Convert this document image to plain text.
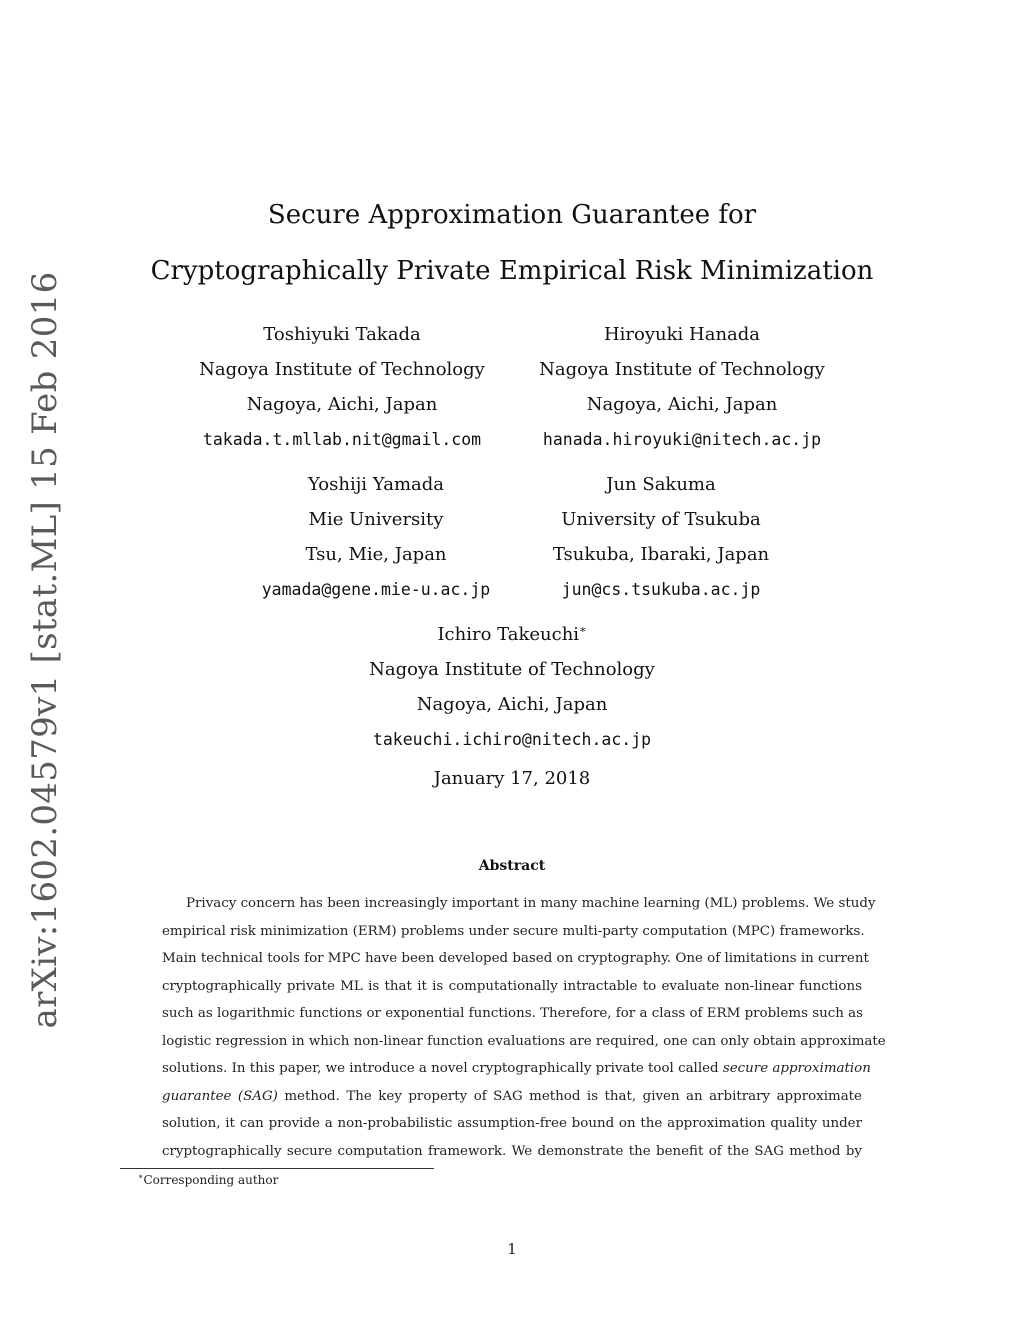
arXiv:1602.04579v1 [stat.ML] 15 Feb 2016
Secure Approximation Guarantee for
Cryptographically Private Empirical Risk Minimization
Toshiyuki Takada
Nagoya Institute of Technology
Nagoya, Aichi, Japan
takada.t.mllab.nit@gmail.com
Hiroyuki Hanada
Nagoya Institute of Technology
Nagoya, Aichi, Japan
hanada.hiroyuki@nitech.ac.jp
Yoshiji Yamada
Mie University
Tsu, Mie, Japan
yamada@gene.mie-u.ac.jp
Jun Sakuma
University of Tsukuba
Tsukuba, Ibaraki, Japan
jun@cs.tsukuba.ac.jp
Ichiro Takeuchi∗
Nagoya Institute of Technology
Nagoya, Aichi, Japan
takeuchi.ichiro@nitech.ac.jp
January 17, 2018
Abstract
Privacy concern has been increasingly important in many machine learning (ML) problems. We study
empirical risk minimization (ERM) problems under secure multi-party computation (MPC) frameworks.
Main technical tools for MPC have been developed based on cryptography. One of limitations in current
cryptographically private ML is that it is computationally intractable to evaluate non-linear functions
such as logarithmic functions or exponential functions. Therefore, for a class of ERM problems such as
logistic regression in which non-linear function evaluations are required, one can only obtain approximate
solutions. In this paper, we introduce a novel cryptographically private tool called secure approximation
guarantee (SAG) method. The key property of SAG method is that, given an arbitrary approximate
solution, it can provide a non-probabilistic assumption-free bound on the approximation quality under
cryptographically secure computation framework. We demonstrate the benefit of the SAG method by
∗Corresponding author
1
